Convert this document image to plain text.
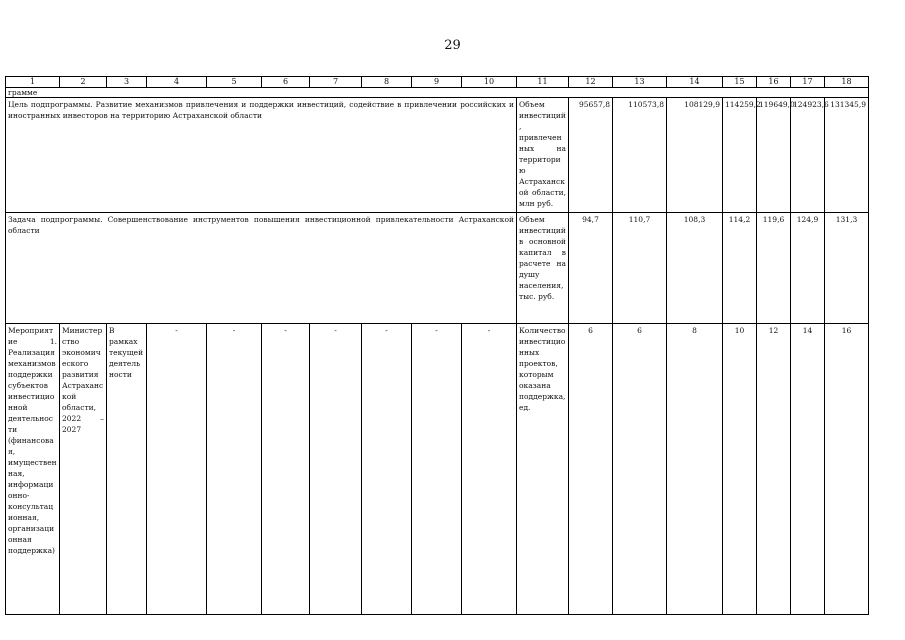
29
1	2	3	4	5	6	7	8	9	10	11	12	13	14	15	16	17	18
грамме																	
Цель подпрограммы. Развитие механизмов привлечения и поддержки инвестиций, содействие в привлечении российских и иностранных инвесторов на территорию Астраханской области										Объем инвестиций, привлеченных на территорию Астраханской области, млн руб.	95657,8	110573,8	108129,9	114259,2	119649,0	124923,6	131345,9
Задача подпрограммы. Совершенствование инструментов повышения инвестиционной привлекательности Астраханской области										Объем инвестиций в основной капитал в расчете на душу населения, тыс. руб.	94,7	110,7	108,3	114,2	119,6	124,9	131,3
Мероприятие 1. Реализация механизмов поддержки субъектов инвестиционной деятельности (финансовая, имущественная, информационно-консультационная, организационная поддержка)	Министерство экономического развития Астраханской области, 2022 – 2027	В рамках текущей деятельности	-	-	-	-	-	-	-	Количество инвестиционных проектов, которым оказана поддержка, ед.	6	6	8	10	12	14	16
